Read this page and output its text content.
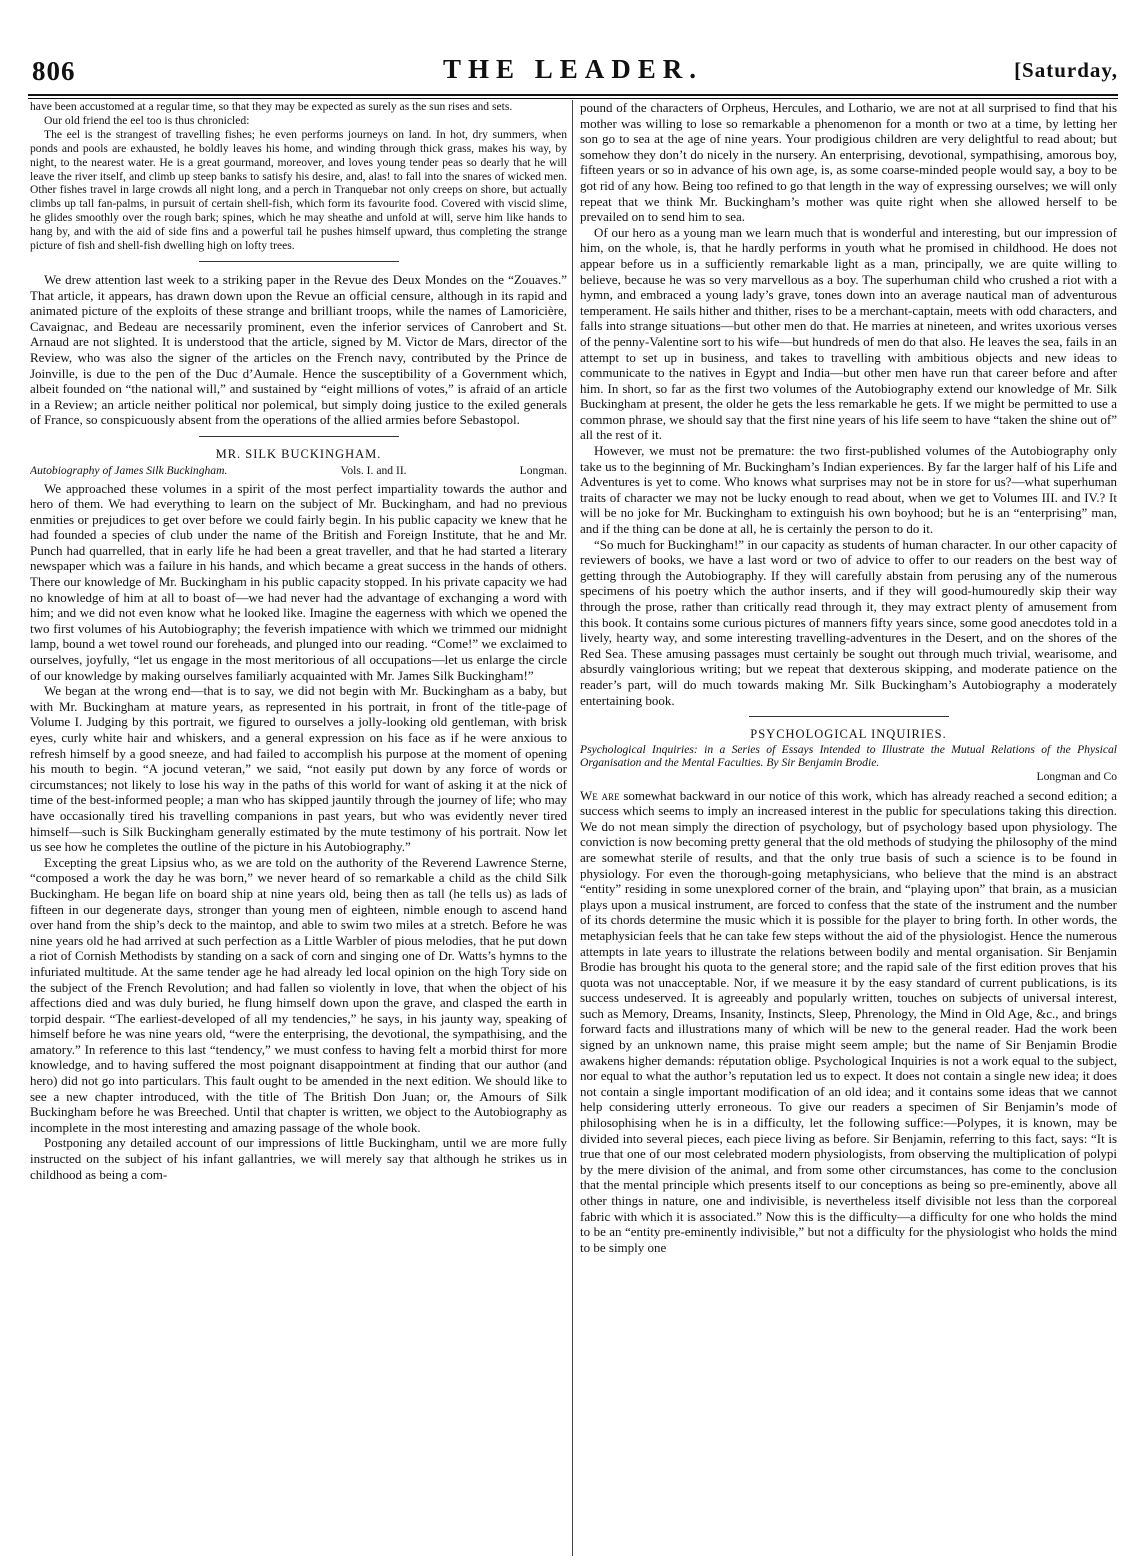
806	THE LEADER.	[Saturday,

have been accustomed at a regular time, so that they may be expected as surely as the sun rises and sets.

Our old friend the eel too is thus chronicled:

The eel is the strangest of travelling fishes; he even performs journeys on land. In hot, dry summers, when ponds and pools are exhausted, he boldly leaves his home, and winding through thick grass, makes his way, by night, to the nearest water. He is a great gourmand, moreover, and loves young tender peas so dearly that he will leave the river itself, and climb up steep banks to satisfy his desire, and, alas! to fall into the snares of wicked men. Other fishes travel in large crowds all night long, and a perch in Tranquebar not only creeps on shore, but actually climbs up tall fan-palms, in pursuit of certain shell-fish, which form its favourite food. Covered with viscid slime, he glides smoothly over the rough bark; spines, which he may sheathe and unfold at will, serve him like hands to hang by, and with the aid of side fins and a powerful tail he pushes himself upward, thus completing the strange picture of fish and shell-fish dwelling high on lofty trees.

We drew attention last week to a striking paper in the Revue des Deux Mondes on the “Zouaves.” That article, it appears, has drawn down upon the Revue an official censure, although in its rapid and animated picture of the exploits of these strange and brilliant troops, while the names of Lamoricière, Cavaignac, and Bedeau are necessarily prominent, even the inferior services of Canrobert and St. Arnaud are not slighted. It is understood that the article, signed by M. Victor de Mars, director of the Review, who was also the signer of the articles on the French navy, contributed by the Prince de Joinville, is due to the pen of the Duc d’Aumale. Hence the susceptibility of a Government which, albeit founded on “the national will,” and sustained by “eight millions of votes,” is afraid of an article in a Review; an article neither political nor polemical, but simply doing justice to the exiled generals of France, so conspicuously absent from the operations of the allied armies before Sebastopol.

MR. SILK BUCKINGHAM.

Autobiography of James Silk Buckingham.	Vols. I. and II.	Longman.

We approached these volumes in a spirit of the most perfect impartiality towards the author and hero of them. We had everything to learn on the subject of Mr. Buckingham, and had no previous enmities or prejudices to get over before we could fairly begin. In his public capacity we knew that he had founded a species of club under the name of the British and Foreign Institute, that he and Mr. Punch had quarrelled, that in early life he had been a great traveller, and that he had started a literary newspaper which was a failure in his hands, and which became a great success in the hands of others. There our knowledge of Mr. Buckingham in his public capacity stopped. In his private capacity we had no knowledge of him at all to boast of—we had never had the advantage of exchanging a word with him; and we did not even know what he looked like. Imagine the eagerness with which we opened the two first volumes of his Autobiography; the feverish impatience with which we trimmed our midnight lamp, bound a wet towel round our foreheads, and plunged into our reading. “Come!” we exclaimed to ourselves, joyfully, “let us engage in the most meritorious of all occupations—let us enlarge the circle of our knowledge by making ourselves familiarly acquainted with Mr. James Silk Buckingham!”

We began at the wrong end—that is to say, we did not begin with Mr. Buckingham as a baby, but with Mr. Buckingham at mature years, as represented in his portrait, in front of the title-page of Volume I. Judging by this portrait, we figured to ourselves a jolly-looking old gentleman, with brisk eyes, curly white hair and whiskers, and a general expression on his face as if he were anxious to refresh himself by a good sneeze, and had failed to accomplish his purpose at the moment of opening his mouth to begin. “A jocund veteran,” we said, “not easily put down by any force of words or circumstances; not likely to lose his way in the paths of this world for want of asking it at the nick of time of the best-informed people; a man who has skipped jauntily through the journey of life; who may have occasionally tired his travelling companions in past years, but who was evidently never tired himself—such is Silk Buckingham generally estimated by the mute testimony of his portrait. Now let us see how he completes the outline of the picture in his Autobiography.”

Excepting the great Lipsius who, as we are told on the authority of the Reverend Lawrence Sterne, “composed a work the day he was born,” we never heard of so remarkable a child as the child Silk Buckingham. He began life on board ship at nine years old, being then as tall (he tells us) as lads of fifteen in our degenerate days, stronger than young men of eighteen, nimble enough to ascend hand over hand from the ship’s deck to the maintop, and able to swim two miles at a stretch. Before he was nine years old he had arrived at such perfection as a Little Warbler of pious melodies, that he put down a riot of Cornish Methodists by standing on a sack of corn and singing one of Dr. Watts’s hymns to the infuriated multitude. At the same tender age he had already led local opinion on the high Tory side on the subject of the French Revolution; and had fallen so violently in love, that when the object of his affections died and was duly buried, he flung himself down upon the grave, and clasped the earth in torpid despair. “The earliest-developed of all my tendencies,” he says, in his jaunty way, speaking of himself before he was nine years old, “were the enterprising, the devotional, the sympathising, and the amatory.” In reference to this last “tendency,” we must confess to having felt a morbid thirst for more knowledge, and to having suffered the most poignant disappointment at finding that our author (and hero) did not go into particulars. This fault ought to be amended in the next edition. We should like to see a new chapter introduced, with the title of The British Don Juan; or, the Amours of Silk Buckingham before he was Breeched. Until that chapter is written, we object to the Autobiography as incomplete in the most interesting and amazing passage of the whole book.

Postponing any detailed account of our impressions of little Buckingham, until we are more fully instructed on the subject of his infant gallantries, we will merely say that although he strikes us in childhood as being a com-

pound of the characters of Orpheus, Hercules, and Lothario, we are not at all surprised to find that his mother was willing to lose so remarkable a phenomenon for a month or two at a time, by letting her son go to sea at the age of nine years. Your prodigious children are very delightful to read about; but somehow they don’t do nicely in the nursery. An enterprising, devotional, sympathising, amorous boy, fifteen years or so in advance of his own age, is, as some coarse-minded people would say, a boy to be got rid of any how. Being too refined to go that length in the way of expressing ourselves; we will only repeat that we think Mr. Buckingham’s mother was quite right when she allowed herself to be prevailed on to send him to sea.

Of our hero as a young man we learn much that is wonderful and interesting, but our impression of him, on the whole, is, that he hardly performs in youth what he promised in childhood. He does not appear before us in a sufficiently remarkable light as a man, principally, we are quite willing to believe, because he was so very marvellous as a boy. The superhuman child who crushed a riot with a hymn, and embraced a young lady’s grave, tones down into an average nautical man of adventurous temperament. He sails hither and thither, rises to be a merchant-captain, meets with odd characters, and falls into strange situations—but other men do that. He marries at nineteen, and writes uxorious verses of the penny-Valentine sort to his wife—but hundreds of men do that also. He leaves the sea, fails in an attempt to set up in business, and takes to travelling with ambitious objects and new ideas to communicate to the natives in Egypt and India—but other men have run that career before and after him. In short, so far as the first two volumes of the Autobiography extend our knowledge of Mr. Silk Buckingham at present, the older he gets the less remarkable he gets. If we might be permitted to use a common phrase, we should say that the first nine years of his life seem to have “taken the shine out of” all the rest of it.

However, we must not be premature: the two first-published volumes of the Autobiography only take us to the beginning of Mr. Buckingham’s Indian experiences. By far the larger half of his Life and Adventures is yet to come. Who knows what surprises may not be in store for us?—what superhuman traits of character we may not be lucky enough to read about, when we get to Volumes III. and IV.? It will be no joke for Mr. Buckingham to extinguish his own boyhood; but he is an “enterprising” man, and if the thing can be done at all, he is certainly the person to do it.

“So much for Buckingham!” in our capacity as students of human character. In our other capacity of reviewers of books, we have a last word or two of advice to offer to our readers on the best way of getting through the Autobiography. If they will carefully abstain from perusing any of the numerous specimens of his poetry which the author inserts, and if they will good-humouredly skip their way through the prose, rather than critically read through it, they may extract plenty of amusement from this book. It contains some curious pictures of manners fifty years since, some good anecdotes told in a lively, hearty way, and some interesting travelling-adventures in the Desert, and on the shores of the Red Sea. These amusing passages must certainly be sought out through much trivial, wearisome, and absurdly vainglorious writing; but we repeat that dexterous skipping, and moderate patience on the reader’s part, will do much towards making Mr. Silk Buckingham’s Autobiography a moderately entertaining book.

PSYCHOLOGICAL INQUIRIES.

Psychological Inquiries: in a Series of Essays Intended to Illustrate the Mutual Relations of the Physical Organisation and the Mental Faculties. By Sir Benjamin Brodie.

Longman and Co

We are somewhat backward in our notice of this work, which has already reached a second edition; a success which seems to imply an increased interest in the public for speculations taking this direction. We do not mean simply the direction of psychology, but of psychology based upon physiology. The conviction is now becoming pretty general that the old methods of studying the philosophy of the mind are somewhat sterile of results, and that the only true basis of such a science is to be found in physiology. For even the thorough-going metaphysicians, who believe that the mind is an abstract “entity” residing in some unexplored corner of the brain, and “playing upon” that brain, as a musician plays upon a musical instrument, are forced to confess that the state of the instrument and the number of its chords determine the music which it is possible for the player to bring forth. In other words, the metaphysician feels that he can take few steps without the aid of the physiologist. Hence the numerous attempts in late years to illustrate the relations between bodily and mental organisation. Sir Benjamin Brodie has brought his quota to the general store; and the rapid sale of the first edition proves that his quota was not unacceptable. Nor, if we measure it by the easy standard of current publications, is its success undeserved. It is agreeably and popularly written, touches on subjects of universal interest, such as Memory, Dreams, Insanity, Instincts, Sleep, Phrenology, the Mind in Old Age, &c., and brings forward facts and illustrations many of which will be new to the general reader. Had the work been signed by an unknown name, this praise might seem ample; but the name of Sir Benjamin Brodie awakens higher demands: réputation oblige. Psychological Inquiries is not a work equal to the subject, nor equal to what the author’s reputation led us to expect. It does not contain a single new idea; it does not contain a single important modification of an old idea; and it contains some ideas that we cannot help considering utterly erroneous. To give our readers a specimen of Sir Benjamin’s mode of philosophising when he is in a difficulty, let the following suffice:—Polypes, it is known, may be divided into several pieces, each piece living as before. Sir Benjamin, referring to this fact, says: “It is true that one of our most celebrated modern physiologists, from observing the multiplication of polypi by the mere division of the animal, and from some other circumstances, has come to the conclusion that the mental principle which presents itself to our conceptions as being so pre-eminently, above all other things in nature, one and indivisible, is nevertheless itself divisible not less than the corporeal fabric with which it is associated.” Now this is the difficulty—a difficulty for one who holds the mind to be an “entity pre-eminently indivisible,” but not a difficulty for the physiologist who holds the mind to be simply one
